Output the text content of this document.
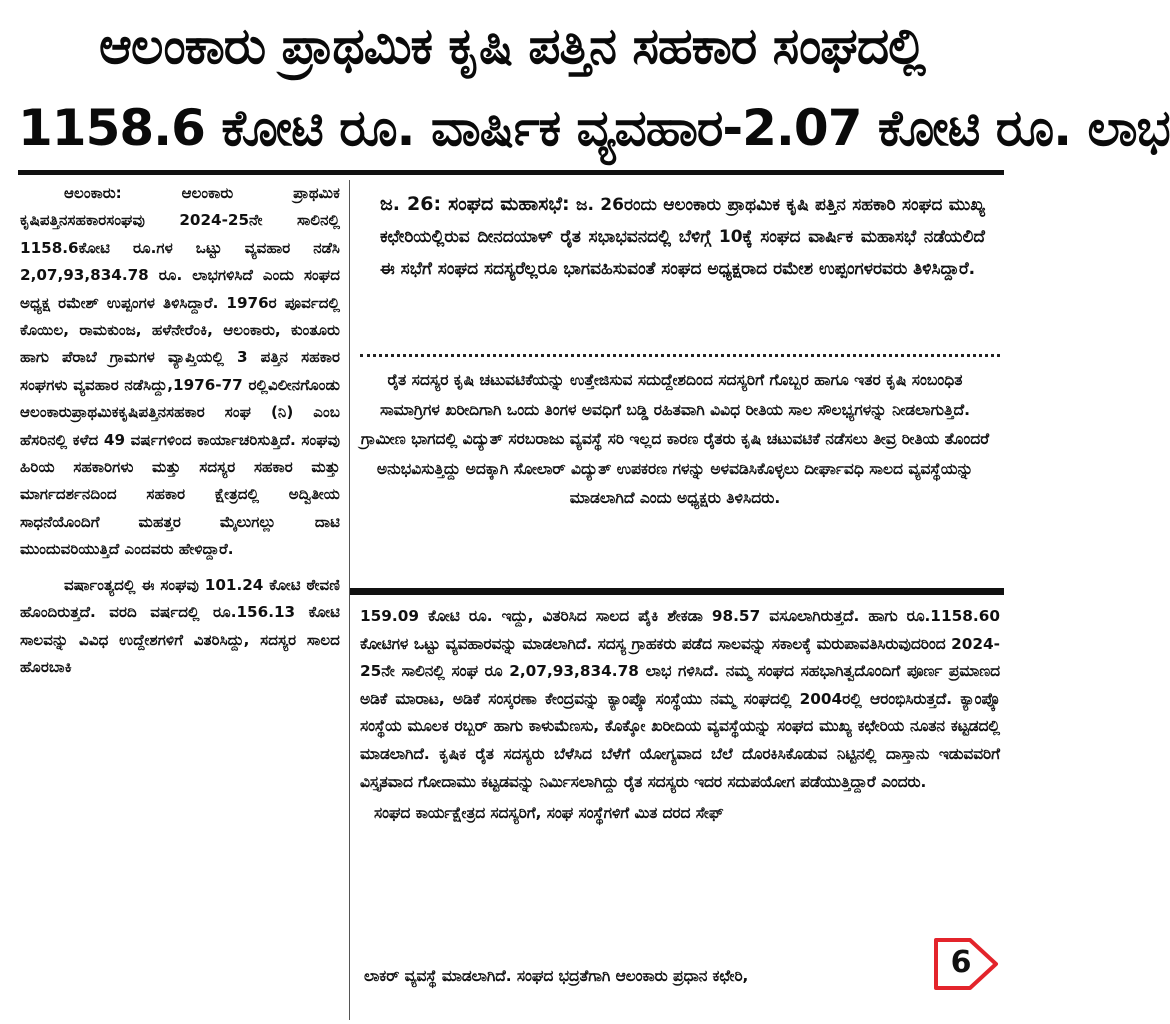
ಆಲಂಕಾರು ಪ್ರಾಥಮಿಕ ಕೃಷಿ ಪತ್ತಿನ ಸಹಕಾರ ಸಂಘದಲ್ಲಿ
1158.6 ಕೋಟಿ ರೂ. ವಾರ್ಷಿಕ ವ್ಯವಹಾರ-2.07 ಕೋಟಿ ರೂ. ಲಾಭ

ಆಲಂಕಾರು: ಆಲಂಕಾರು ಪ್ರಾಥಮಿಕ ಕೃಷಿಪತ್ತಿನಸಹಕಾರಸಂಘವು 2024-25ನೇ ಸಾಲಿನಲ್ಲಿ 1158.6ಕೋಟಿ ರೂ.ಗಳ ಒಟ್ಟು ವ್ಯವಹಾರ ನಡೆಸಿ 2,07,93,834.78 ರೂ. ಲಾಭಗಳಿಸಿದೆ ಎಂದು ಸಂಘದ ಅಧ್ಯಕ್ಷ ರಮೇಶ್ ಉಪ್ಪಂಗಳ ತಿಳಿಸಿದ್ದಾರೆ. 1976ರ ಪೂರ್ವದಲ್ಲಿ ಕೊಯಿಲ, ರಾಮಕುಂಜ, ಹಳೆನೇರೆಂಕಿ, ಆಲಂಕಾರು, ಕುಂತೂರು ಹಾಗು ಪೆರಾಬೆ ಗ್ರಾಮಗಳ ವ್ಯಾಪ್ತಿಯಲ್ಲಿ 3 ಪತ್ತಿನ ಸಹಕಾರ ಸಂಘಗಳು ವ್ಯವಹಾರ ನಡೆಸಿದ್ದು,1976-77 ರಲ್ಲಿವಿಲೀನಗೊಂಡು ಆಲಂಕಾರುಪ್ರಾಥಮಿಕಕೃಷಿಪತ್ತಿನಸಹಕಾರ ಸಂಘ (ನಿ) ಎಂಬ ಹೆಸರಿನಲ್ಲಿ ಕಳೆದ 49 ವರ್ಷಗಳಿಂದ ಕಾರ್ಯಾಚರಿಸುತ್ತಿದೆ. ಸಂಘವು ಹಿರಿಯ ಸಹಕಾರಿಗಳು ಮತ್ತು ಸದಸ್ಯರ ಸಹಕಾರ ಮತ್ತು ಮಾರ್ಗದರ್ಶನದಿಂದ ಸಹಕಾರ ಕ್ಷೇತ್ರದಲ್ಲಿ ಅದ್ವಿತೀಯ ಸಾಧನೆಯೊಂದಿಗೆ ಮಹತ್ತರ ಮೈಲುಗಲ್ಲು ದಾಟಿ ಮುಂದುವರಿಯುತ್ತಿದೆ ಎಂದವರು ಹೇಳಿದ್ದಾರೆ.

ವರ್ಷಾಂತ್ಯದಲ್ಲಿ ಈ ಸಂಘವು 101.24 ಕೋಟಿ ಠೇವಣಿ ಹೊಂದಿರುತ್ತದೆ. ವರದಿ ವರ್ಷದಲ್ಲಿ ರೂ.156.13 ಕೋಟಿ ಸಾಲವನ್ನು ವಿವಿಧ ಉದ್ದೇಶಗಳಿಗೆ ವಿತರಿಸಿದ್ದು, ಸದಸ್ಯರ ಸಾಲದ ಹೊರಬಾಕಿ

ಜ. 26: ಸಂಘದ ಮಹಾಸಭೆ: ಜ. 26ರಂದು ಆಲಂಕಾರು ಪ್ರಾಥಮಿಕ ಕೃಷಿ ಪತ್ತಿನ ಸಹಕಾರಿ ಸಂಘದ ಮುಖ್ಯ ಕಛೇರಿಯಲ್ಲಿರುವ ದೀನದಯಾಳ್ ರೈತ ಸಭಾಭವನದಲ್ಲಿ ಬೆಳಿಗ್ಗೆ 10ಕ್ಕೆ ಸಂಘದ ವಾರ್ಷಿಕ ಮಹಾಸಭೆ ನಡೆಯಲಿದೆ ಈ ಸಭೆಗೆ ಸಂಘದ ಸದಸ್ಯರೆಲ್ಲರೂ ಭಾಗವಹಿಸುವಂತೆ ಸಂಘದ ಅಧ್ಯಕ್ಷರಾದ ರಮೇಶ ಉಪ್ಪಂಗಳರವರು ತಿಳಿಸಿದ್ದಾರೆ.
ರೈತ ಸದಸ್ಯರ ಕೃಷಿ ಚಟುವಟಿಕೆಯನ್ನು ಉತ್ತೇಜಿಸುವ ಸದುದ್ದೇಶದಿಂದ ಸದಸ್ಯರಿಗೆ ಗೊಬ್ಬರ ಹಾಗೂ ಇತರ ಕೃಷಿ ಸಂಬಂಧಿತ ಸಾಮಾಗ್ರಿಗಳ ಖರೀದಿಗಾಗಿ ಒಂದು ತಿಂಗಳ ಅವಧಿಗೆ ಬಡ್ಡಿ ರಹಿತವಾಗಿ ವಿವಿಧ ರೀತಿಯ ಸಾಲ ಸೌಲಭ್ಯಗಳನ್ನು ನೀಡಲಾಗುತ್ತಿದೆ. ಗ್ರಾಮೀಣ ಭಾಗದಲ್ಲಿ ವಿದ್ಯುತ್ ಸರಬರಾಜು ವ್ಯವಸ್ಥೆ ಸರಿ ಇಲ್ಲದ ಕಾರಣ ರೈತರು ಕೃಷಿ ಚಟುವಟಿಕೆ ನಡೆಸಲು ತೀವ್ರ ರೀತಿಯ ತೊಂದರೆ ಅನುಭವಿಸುತ್ತಿದ್ದು ಅದಕ್ಕಾಗಿ ಸೋಲಾರ್ ವಿದ್ಯುತ್ ಉಪಕರಣ ಗಳನ್ನು ಅಳವಡಿಸಿಕೊಳ್ಳಲು ದೀರ್ಘಾವಧಿ ಸಾಲದ ವ್ಯವಸ್ಥೆಯನ್ನು ಮಾಡಲಾಗಿದೆ ಎಂದು ಅಧ್ಯಕ್ಷರು ತಿಳಿಸಿದರು.

159.09 ಕೋಟಿ ರೂ. ಇದ್ದು, ವಿತರಿಸಿದ ಸಾಲದ ಪೈಕಿ ಶೇಕಡಾ 98.57 ವಸೂಲಾಗಿರುತ್ತದೆ. ಹಾಗು ರೂ.1158.60 ಕೋಟಿಗಳ ಒಟ್ಟು ವ್ಯವಹಾರವನ್ನು ಮಾಡಲಾಗಿದೆ. ಸದಸ್ಯ ಗ್ರಾಹಕರು ಪಡೆದ ಸಾಲವನ್ನು ಸಕಾಲಕ್ಕೆ ಮರುಪಾವತಿಸಿರುವುದರಿಂದ 2024-25ನೇ ಸಾಲಿನಲ್ಲಿ ಸಂಘ ರೂ 2,07,93,834.78 ಲಾಭ ಗಳಿಸಿದೆ. ನಮ್ಮ ಸಂಘದ ಸಹಭಾಗಿತ್ವದೊಂದಿಗೆ ಪೂರ್ಣ ಪ್ರಮಾಣದ ಅಡಿಕೆ ಮಾರಾಟ, ಅಡಿಕೆ ಸಂಸ್ಕರಣಾ ಕೇಂದ್ರವನ್ನು ಕ್ಯಾಂಪ್ಕೊ ಸಂಸ್ಥೆಯು ನಮ್ಮ ಸಂಘದಲ್ಲಿ 2004ರಲ್ಲಿ ಆರಂಭಿಸಿರುತ್ತದೆ. ಕ್ಯಾಂಪ್ಕೊ ಸಂಸ್ಥೆಯ ಮೂಲಕ ರಬ್ಬರ್ ಹಾಗು ಕಾಳುಮೆಣಸು, ಕೊಕ್ಕೋ ಖರೀದಿಯ ವ್ಯವಸ್ಥೆಯನ್ನು ಸಂಘದ ಮುಖ್ಯ ಕಛೇರಿಯ ನೂತನ ಕಟ್ಟಡದಲ್ಲಿ ಮಾಡಲಾಗಿದೆ. ಕೃಷಿಕ ರೈತ ಸದಸ್ಯರು ಬೆಳೆಸಿದ ಬೆಳೆಗೆ ಯೋಗ್ಯವಾದ ಬೆಲೆ ದೊರಕಿಸಿಕೊಡುವ ನಿಟ್ಟಿನಲ್ಲಿ ದಾಸ್ತಾನು ಇಡುವವರಿಗೆ ವಿಸ್ತೃತವಾದ ಗೋದಾಮು ಕಟ್ಟಡವನ್ನು ನಿರ್ಮಿಸಲಾಗಿದ್ದು ರೈತ ಸದಸ್ಯರು ಇದರ ಸದುಪಯೋಗ ಪಡೆಯುತ್ತಿದ್ದಾರೆ ಎಂದರು.

ಸಂಘದ ಕಾರ್ಯಕ್ಷೇತ್ರದ ಸದಸ್ಯರಿಗೆ, ಸಂಘ ಸಂಸ್ಥೆಗಳಿಗೆ ಮಿತ ದರದ ಸೇಫ್

ಲಾಕರ್ ವ್ಯವಸ್ಥೆ ಮಾಡಲಾಗಿದೆ. ಸಂಘದ ಭದ್ರತೆಗಾಗಿ ಆಲಂಕಾರು ಪ್ರಧಾನ ಕಛೇರಿ,	6
